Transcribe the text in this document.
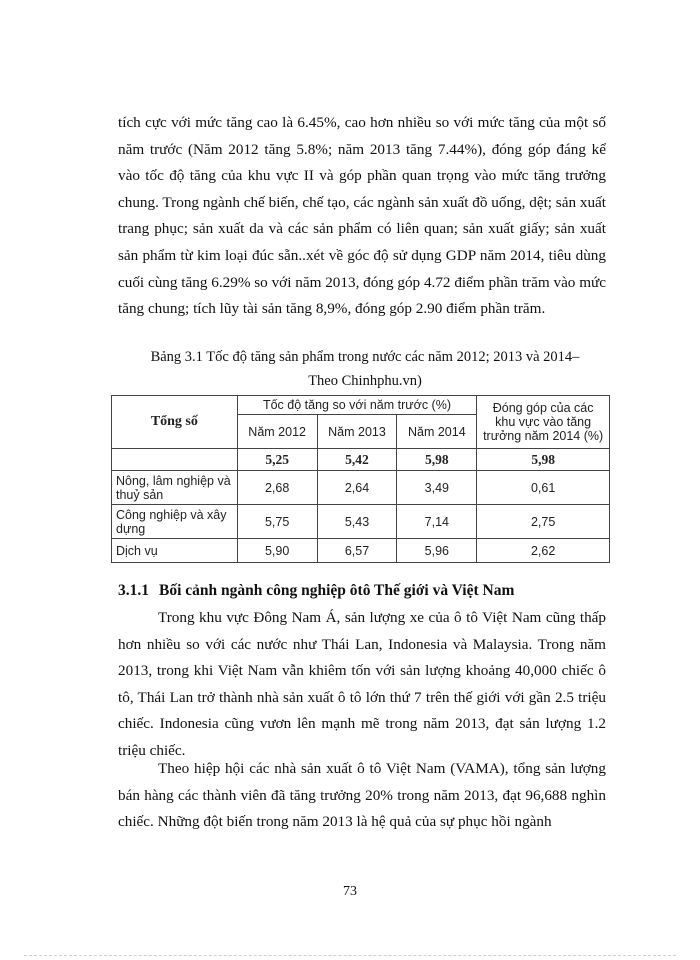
tích cực với mức tăng cao là 6.45%, cao hơn nhiều so với mức tăng của một số năm trước (Năm 2012 tăng 5.8%; năm 2013 tăng 7.44%), đóng góp đáng kể vào tốc độ tăng của khu vực II và góp phần quan trọng vào mức tăng trưởng chung. Trong ngành chế biến, chế tạo, các ngành sản xuất đồ uống, dệt; sản xuất trang phục; sản xuất da và các sản phẩm có liên quan; sản xuất giấy; sản xuất sản phẩm từ kim loại đúc sẵn..xét về góc độ sử dụng GDP năm 2014, tiêu dùng cuối cùng tăng 6.29% so với năm 2013, đóng góp 4.72 điểm phần trăm vào mức tăng chung; tích lũy tài sản tăng 8,9%, đóng góp 2.90 điểm phần trăm.

Bảng 3.1 Tốc độ tăng sản phẩm trong nước các năm 2012; 2013 và 2014–
Theo Chinhphu.vn)
Tổng số	Tốc độ tăng so với năm trước (%)			Đóng góp của các khu vực vào tăng trưởng năm 2014 (%)
	Năm 2012	Năm 2013	Năm 2014	
	5,25	5,42	5,98	5,98
Nông, lâm nghiệp và thuỷ sản	2,68	2,64	3,49	0,61
Công nghiệp và xây dựng	5,75	5,43	7,14	2,75
Dịch vụ	5,90	6,57	5,96	2,62
3.1.1 Bối cảnh ngành công nghiệp ôtô Thế giới và Việt Nam

Trong khu vực Đông Nam Á, sản lượng xe của ô tô Việt Nam cũng thấp hơn nhiều so với các nước như Thái Lan, Indonesia và Malaysia. Trong năm 2013, trong khi Việt Nam vẫn khiêm tốn với sản lượng khoảng 40,000 chiếc ô tô, Thái Lan trở thành nhà sản xuất ô tô lớn thứ 7 trên thế giới với gần 2.5 triệu chiếc. Indonesia cũng vươn lên mạnh mẽ trong năm 2013, đạt sản lượng 1.2 triệu chiếc.

Theo hiệp hội các nhà sản xuất ô tô Việt Nam (VAMA), tổng sản lượng bán hàng các thành viên đã tăng trưởng 20% trong năm 2013, đạt 96,688 nghìn chiếc. Những đột biến trong năm 2013 là hệ quả của sự phục hồi ngành

73
